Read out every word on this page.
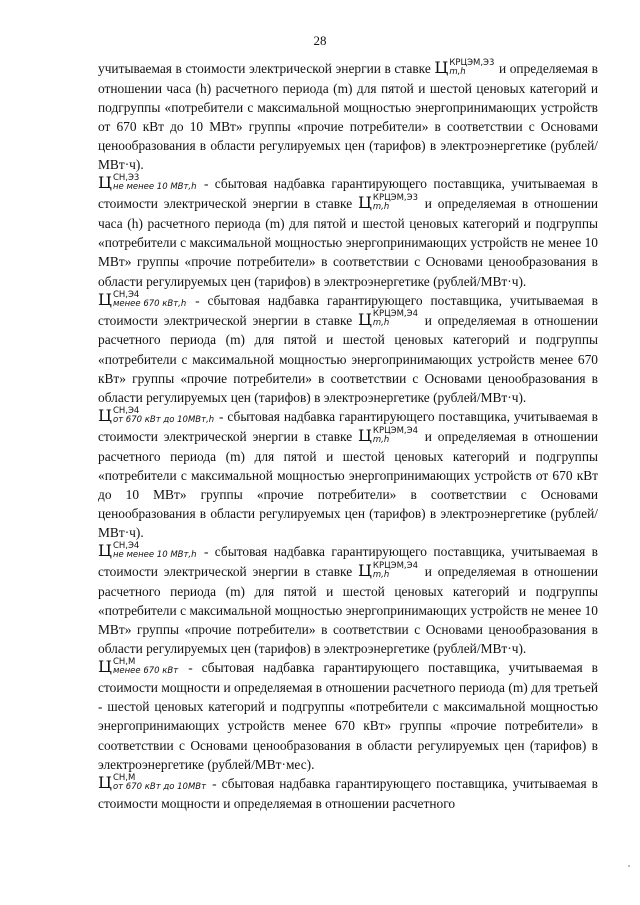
28

учитываемая в стоимости электрической энергии в ставке Ц КРЦЭМ,Э3
m,h	и определяемая в отношении часа (h) расчетного периода (m) для пятой и шестой ценовых категорий и подгруппы «потребители с максимальной мощностью энергопринимающих устройств от 670 кВт до 10 МВт» группы «прочие потребители» в соответствии с Основами ценообразования в области регулируемых цен (тарифов) в электроэнергетике (рублей/МВт·ч).

Ц СН,Э3
не менее 10 МВт,h - сбытовая надбавка гарантирующего поставщика, учитываемая в стоимости электрической энергии в ставке Ц КРЦЭМ,Э3
m,h	и определяемая в отношении часа (h) расчетного периода (m) для пятой и шестой ценовых категорий и подгруппы «потребители с максимальной мощностью энергопринимающих устройств не менее 10 МВт» группы «прочие потребители» в соответствии с Основами ценообразования в области регулируемых цен (тарифов) в электроэнергетике (рублей/МВт·ч).

Ц СН,Э4
менее 670 кВт,h - сбытовая надбавка гарантирующего поставщика, учитываемая в стоимости электрической энергии в ставке Ц КРЦЭМ,Э4
m,h	и определяемая в отношении расчетного периода (m) для пятой и шестой ценовых категорий и подгруппы «потребители с максимальной мощностью энергопринимающих устройств менее 670 кВт» группы «прочие потребители» в соответствии с Основами ценообразования в области регулируемых цен (тарифов) в электроэнергетике (рублей/МВт·ч).

Ц СН,Э4
от 670 кВт до 10МВт,h - сбытовая надбавка гарантирующего поставщика, учитываемая в стоимости электрической энергии в ставке Ц КРЦЭМ,Э4
m,h	и определяемая в отношении расчетного периода (m) для пятой и шестой ценовых категорий и подгруппы «потребители с максимальной мощностью энергопринимающих устройств от 670 кВт до 10 МВт» группы «прочие потребители» в соответствии с Основами ценообразования в области регулируемых цен (тарифов) в электроэнергетике (рублей/МВт·ч).

Ц СН,Э4
не менее 10 МВт,h - сбытовая надбавка гарантирующего поставщика, учитываемая в стоимости электрической энергии в ставке Ц КРЦЭМ,Э4
m,h	и определяемая в отношении расчетного периода (m) для пятой и шестой ценовых категорий и подгруппы «потребители с максимальной мощностью энергопринимающих устройств не менее 10 МВт» группы «прочие потребители» в соответствии с Основами ценообразования в области регулируемых цен (тарифов) в электроэнергетике (рублей/МВт·ч).

Ц СН,М
менее 670 кВт - сбытовая надбавка гарантирующего поставщика, учитываемая в стоимости мощности и определяемая в отношении расчетного периода (m) для третьей - шестой ценовых категорий и подгруппы «потребители с максимальной мощностью энергопринимающих устройств менее 670 кВт» группы «прочие потребители» в соответствии с Основами ценообразования в области регулируемых цен (тарифов) в электроэнергетике (рублей/МВт·мес).

Ц СН,М
от 670 кВт до 10МВт - сбытовая надбавка гарантирующего поставщика, учитываемая в стоимости мощности и определяемая в отношении расчетного
